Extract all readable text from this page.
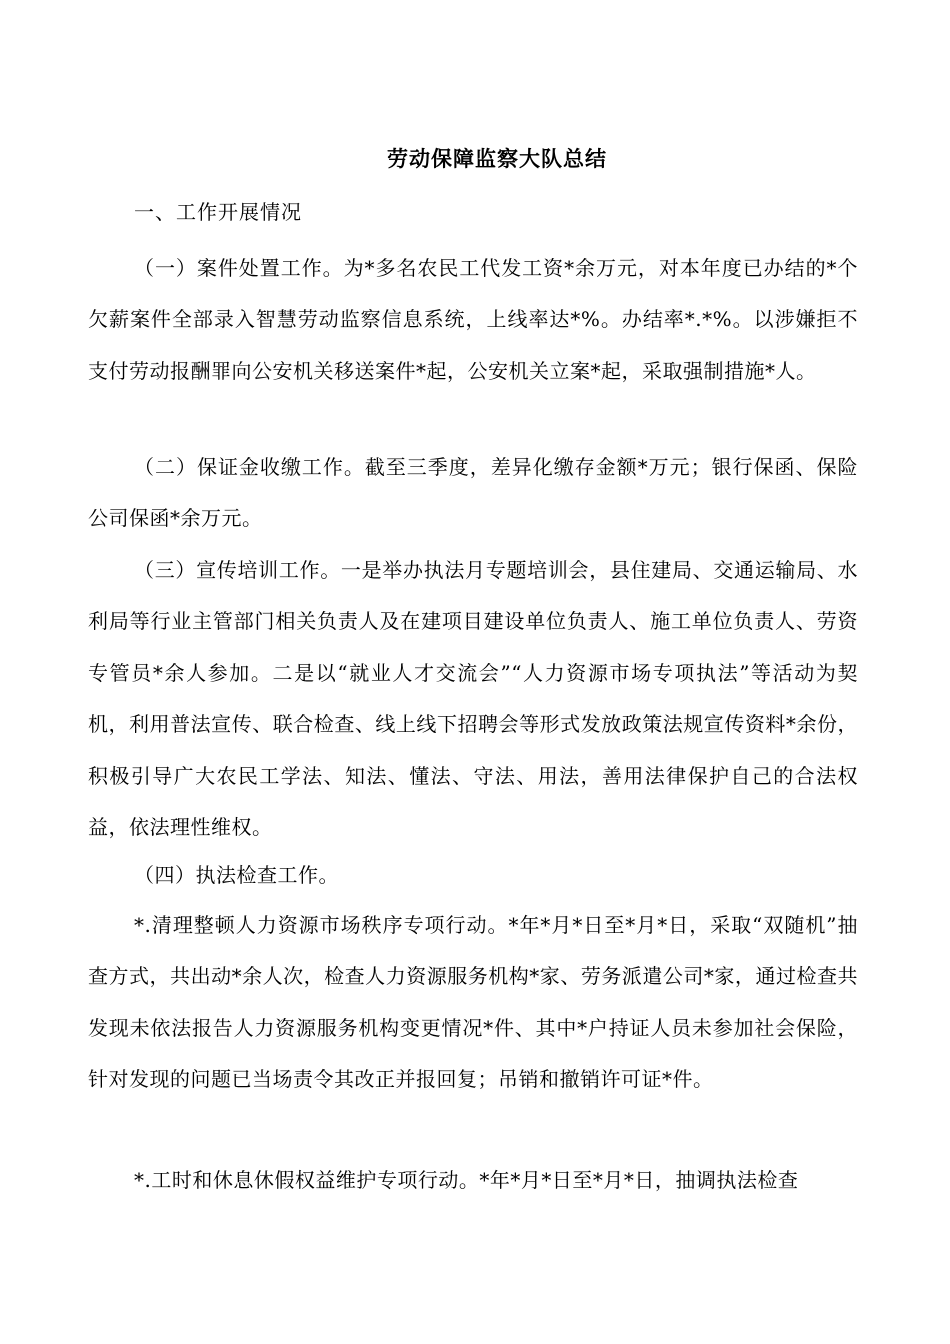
劳动保障监察大队总结
一、工作开展情况

（一）案件处置工作。为*多名农民工代发工资*余万元，对本年度已办结的*个欠薪案件全部录入智慧劳动监察信息系统，上线率达*%。办结率*.*%。以涉嫌拒不支付劳动报酬罪向公安机关移送案件*起，公安机关立案*起，采取强制措施*人。

（二）保证金收缴工作。截至三季度，差异化缴存金额*万元；银行保函、保险公司保函*余万元。

（三）宣传培训工作。一是举办执法月专题培训会，县住建局、交通运输局、水利局等行业主管部门相关负责人及在建项目建设单位负责人、施工单位负责人、劳资专管员*余人参加。二是以“就业人才交流会”“人力资源市场专项执法”等活动为契机，利用普法宣传、联合检查、线上线下招聘会等形式发放政策法规宣传资料*余份，积极引导广大农民工学法、知法、懂法、守法、用法，善用法律保护自己的合法权益，依法理性维权。

（四）执法检查工作。

*.清理整顿人力资源市场秩序专项行动。*年*月*日至*月*日，采取“双随机”抽查方式，共出动*余人次，检查人力资源服务机构*家、劳务派遣公司*家，通过检查共发现未依法报告人力资源服务机构变更情况*件、其中*户持证人员未参加社会保险，针对发现的问题已当场责令其改正并报回复；吊销和撤销许可证*件。

*.工时和休息休假权益维护专项行动。*年*月*日至*月*日，抽调执法检查
